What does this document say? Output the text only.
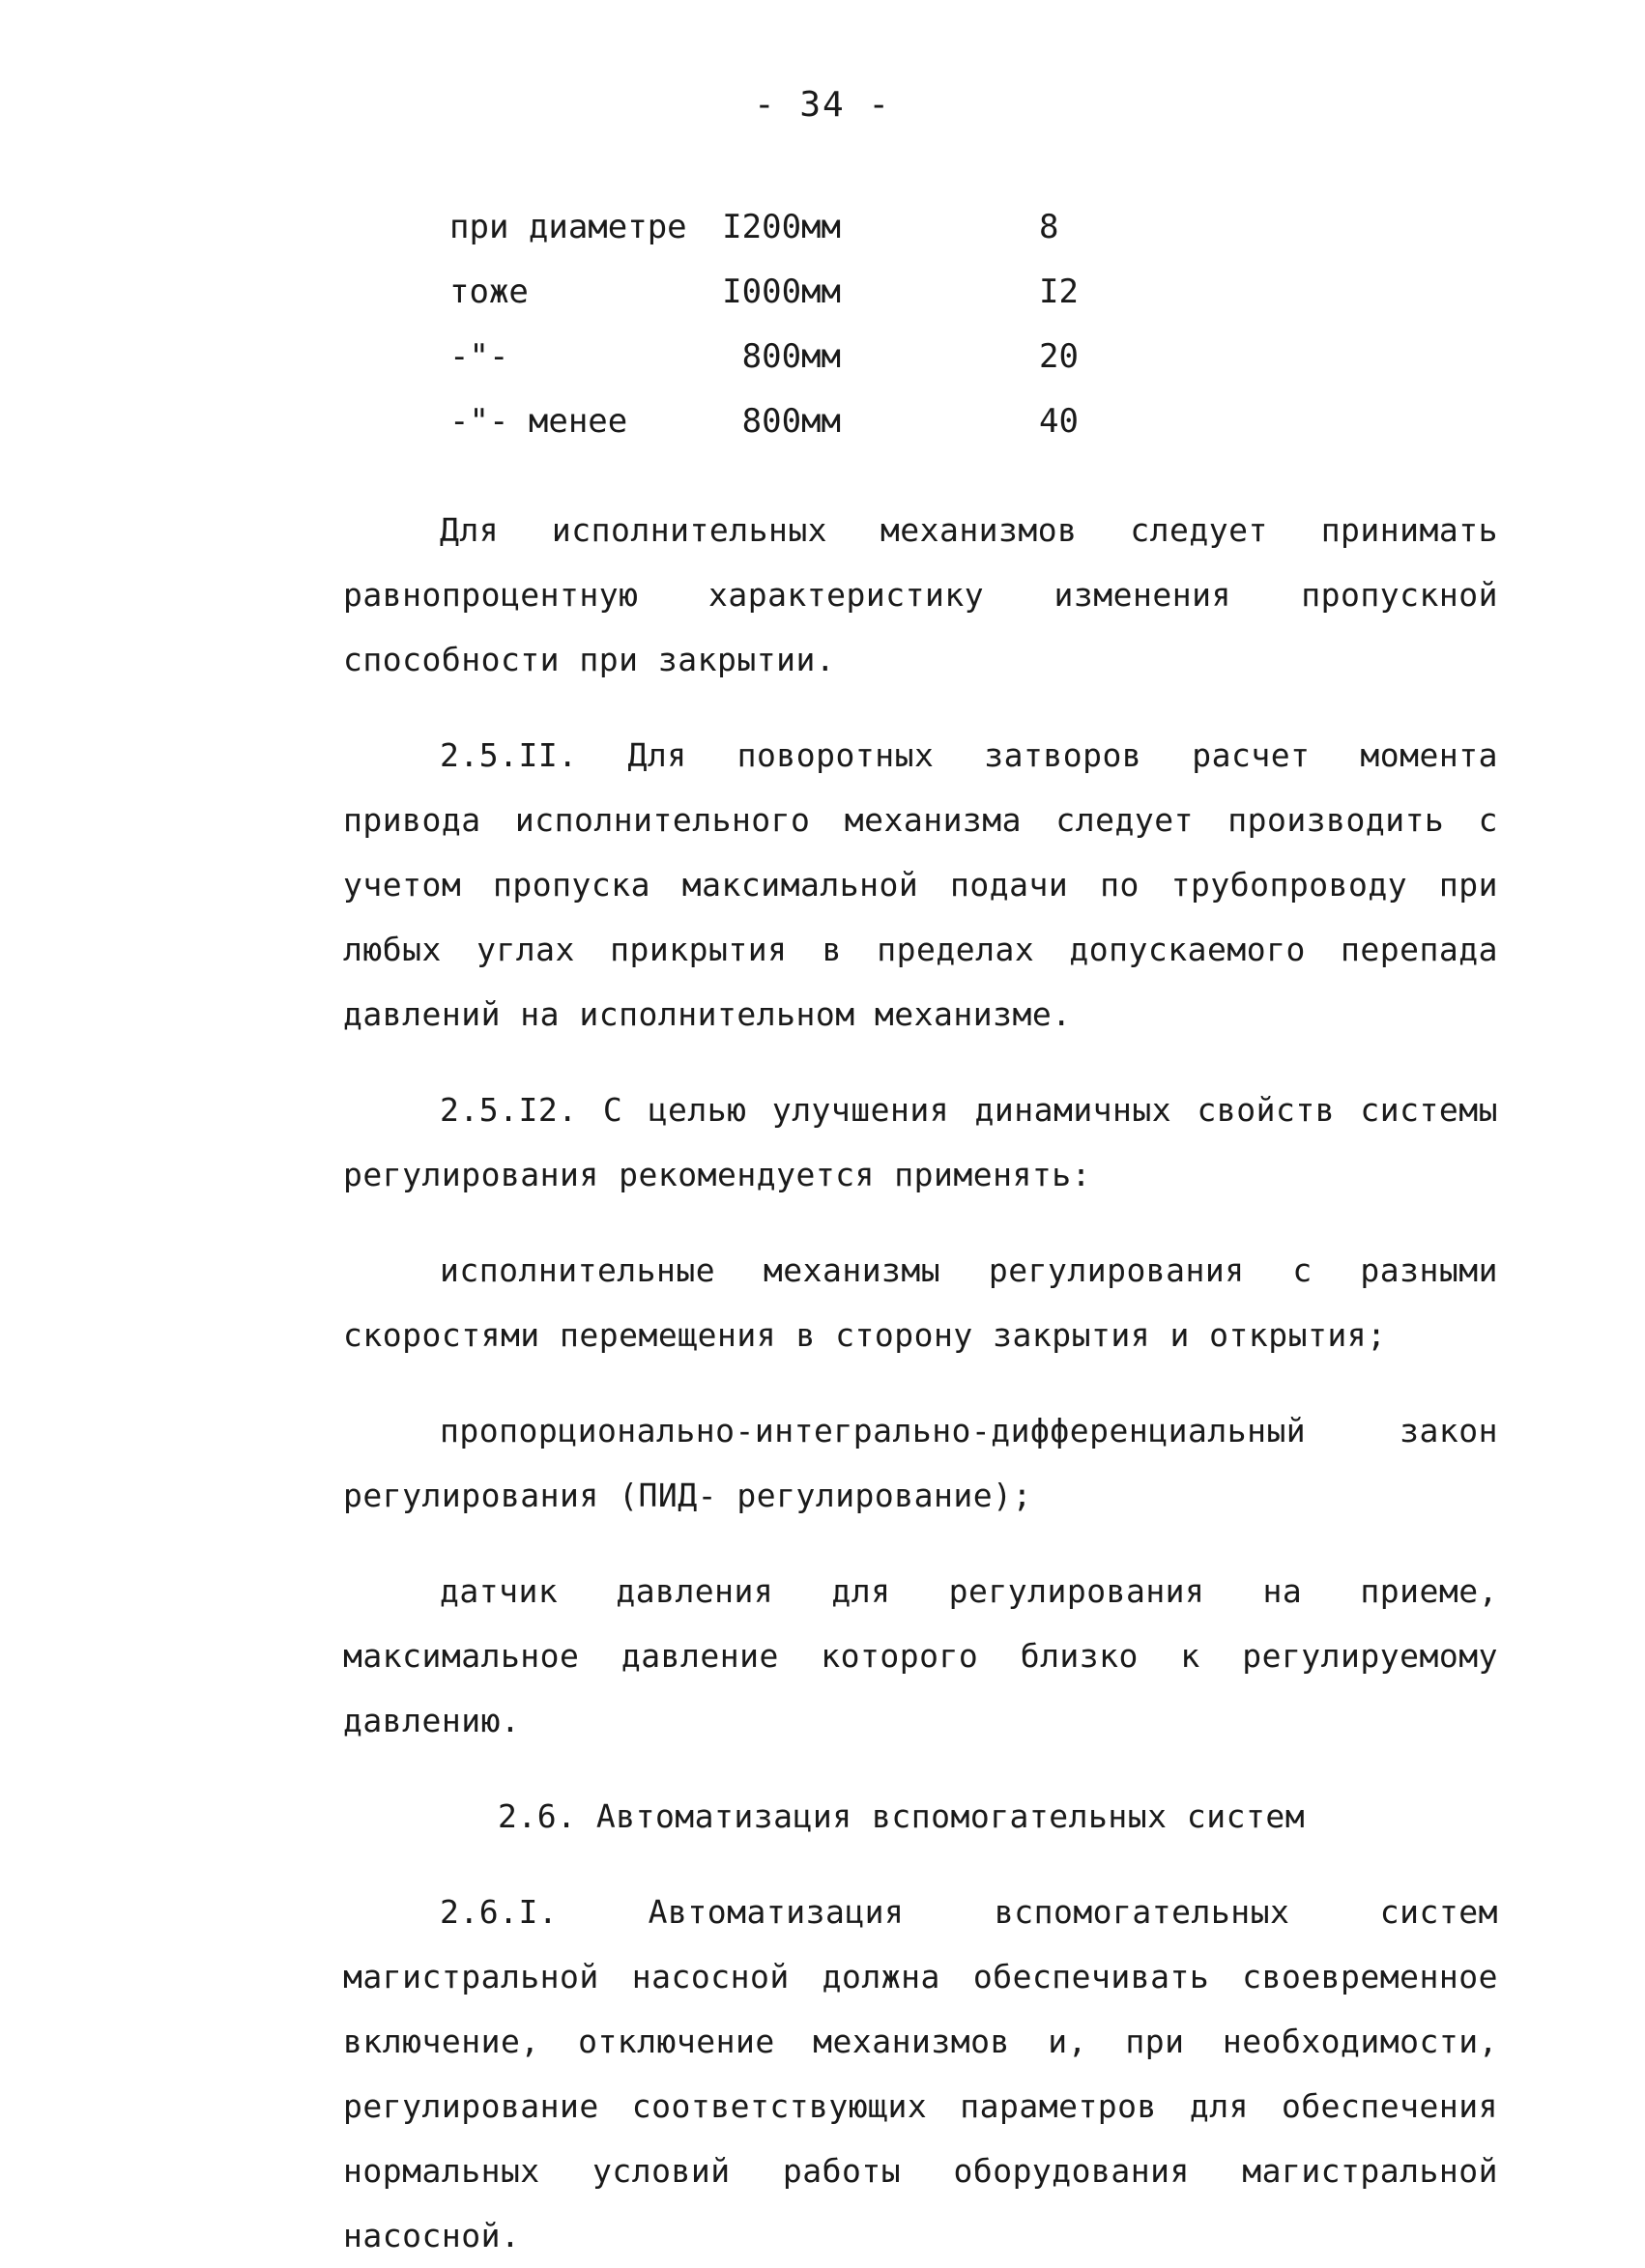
- 34 -
при диаметре	I200мм	8
тоже	I000мм	I2
-"-	800мм	20
-"- менее	800мм	40

Для исполнительных механизмов следует принимать равнопроцентную характеристику изменения пропускной способности при закрытии.

2.5.II. Для поворотных затворов расчет момента привода исполнительного механизма следует производить с учетом пропуска максимальной подачи по трубопроводу при любых углах прикрытия в пределах допускаемого перепада давлений на исполнительном механизме.

2.5.I2. С целью улучшения динамичных свойств системы регулирования рекомендуется применять:

исполнительные механизмы регулирования с разными скоростями перемещения в сторону закрытия и открытия;

пропорционально-интегрально-дифференциальный закон регулирования (ПИД- регулирование);

датчик давления для регулирования на приеме, максимальное давление которого близко к регулируемому давлению.

2.6. Автоматизация вспомогательных систем

2.6.I. Автоматизация вспомогательных систем магистральной насосной должна обеспечивать своевременное включение, отключение механизмов и, при необходимости, регулирование соответствующих параметров для обеспечения нормальных условий работы оборудования магистральной насосной.
